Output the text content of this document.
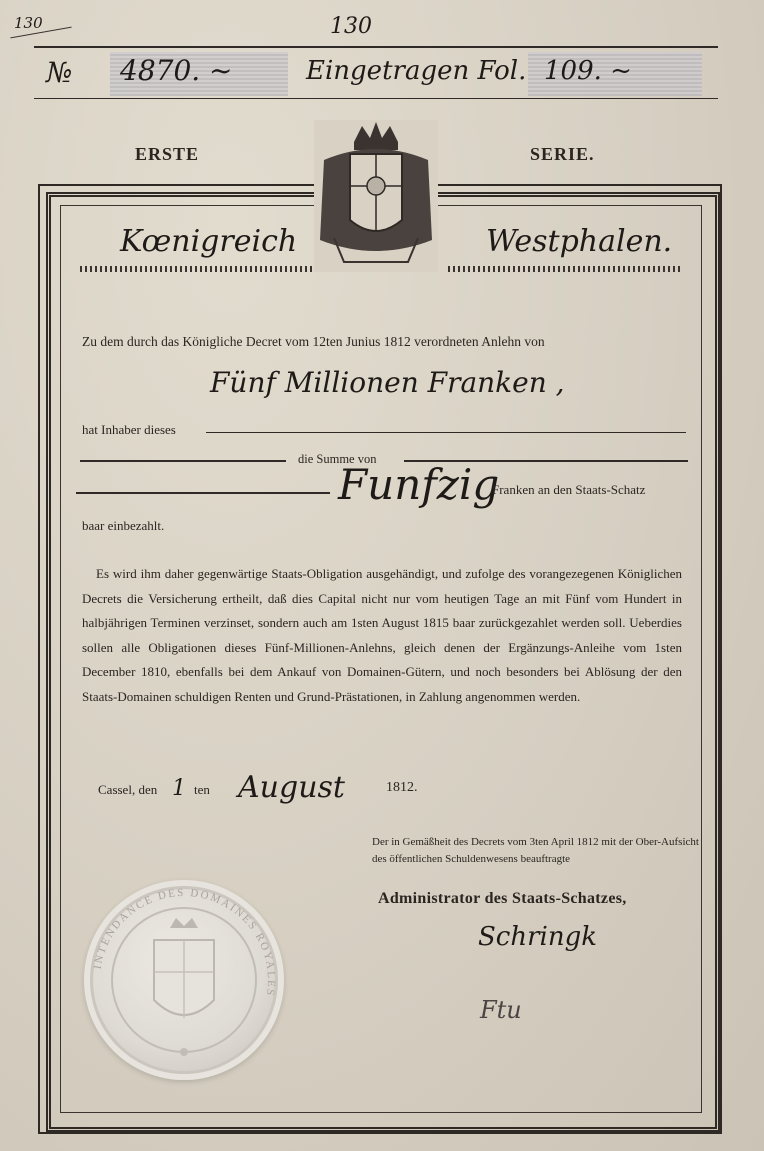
130	130
№ 4870. ~	Eingetragen Fol. 109. ~
ERSTE	SERIE.
Kœnigreich	Westphalen.
Zu dem durch das Königliche Decret vom 12ten Junius 1812 verordneten Anlehn von
Fünf Millionen Franken ,
hat Inhaber dieses
die Summe von
Funfzig
Franken an den Staats-Schatz
baar einbezahlt.
Es wird ihm daher gegenwärtige Staats-Obligation ausgehändigt, und zufolge des vorangezegenen Königlichen Decrets die Versicherung ertheilt, daß dies Capital nicht nur vom heutigen Tage an mit Fünf vom Hundert in halbjährigen Terminen verzinset, sondern auch am 1sten August 1815 baar zurückgezahlet werden soll. Ueberdies sollen alle Obligationen dieses Fünf-Millionen-Anlehns, gleich denen der Ergänzungs-Anleihe vom 1sten December 1810, ebenfalls bei dem Ankauf von Domainen-Gütern, und noch besonders bei Ablösung der den Staats-Domainen schuldigen Renten und Grund-Prästationen, in Zahlung angenommen werden.
Cassel, den 1 ten August	1812.
Der in Gemäßheit des Decrets vom 3ten April 1812 mit der Ober-Aufsicht des öffentlichen Schuldenwesens beauftragte
Administrator des Staats-Schatzes,
Schringk
Ftu
INTENDANCE DES DOMAINES ROYALES
